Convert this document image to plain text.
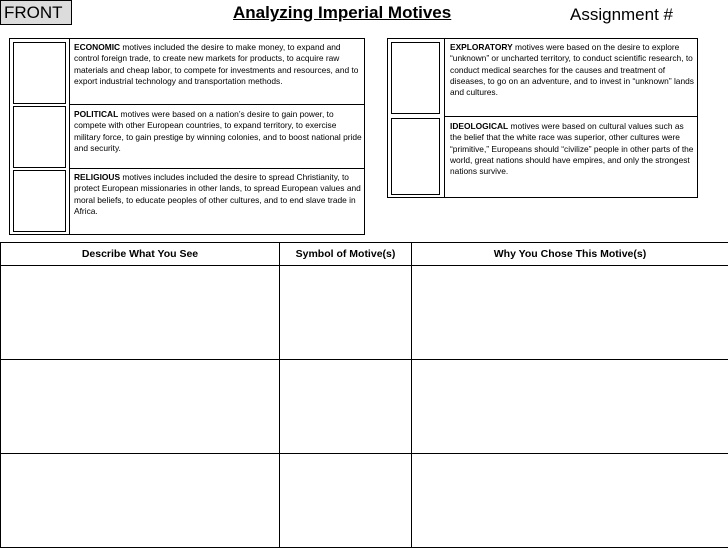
FRONT	Analyzing Imperial Motives	Assignment #
ECONOMIC motives included the desire to make money, to expand and control foreign trade, to create new markets for products, to acquire raw materials and cheap labor, to compete for investments and resources, and to export industrial technology and transportation methods.
POLITICAL motives were based on a nation’s desire to gain power, to compete with other European countries, to expand territory, to exercise military force, to gain prestige by winning colonies, and to boost national pride and security.
RELIGIOUS motives includes included the desire to spread Christianity, to protect European missionaries in other lands, to spread European values and moral beliefs, to educate peoples of other cultures, and to end slave trade in Africa.
EXPLORATORY motives were based on the desire to explore “unknown” or uncharted territory, to conduct scientific research, to conduct medical searches for the causes and treatment of diseases, to go on an adventure, and to invest in “unknown” lands and cultures.
IDEOLOGICAL motives were based on cultural values such as the belief that the white race was superior, other cultures were “primitive,” Europeans should “civilize” people in other parts of the world, great nations should have empires, and only the strongest nations survive.
Describe What You See	Symbol of Motive(s)	Why You Chose This Motive(s)
